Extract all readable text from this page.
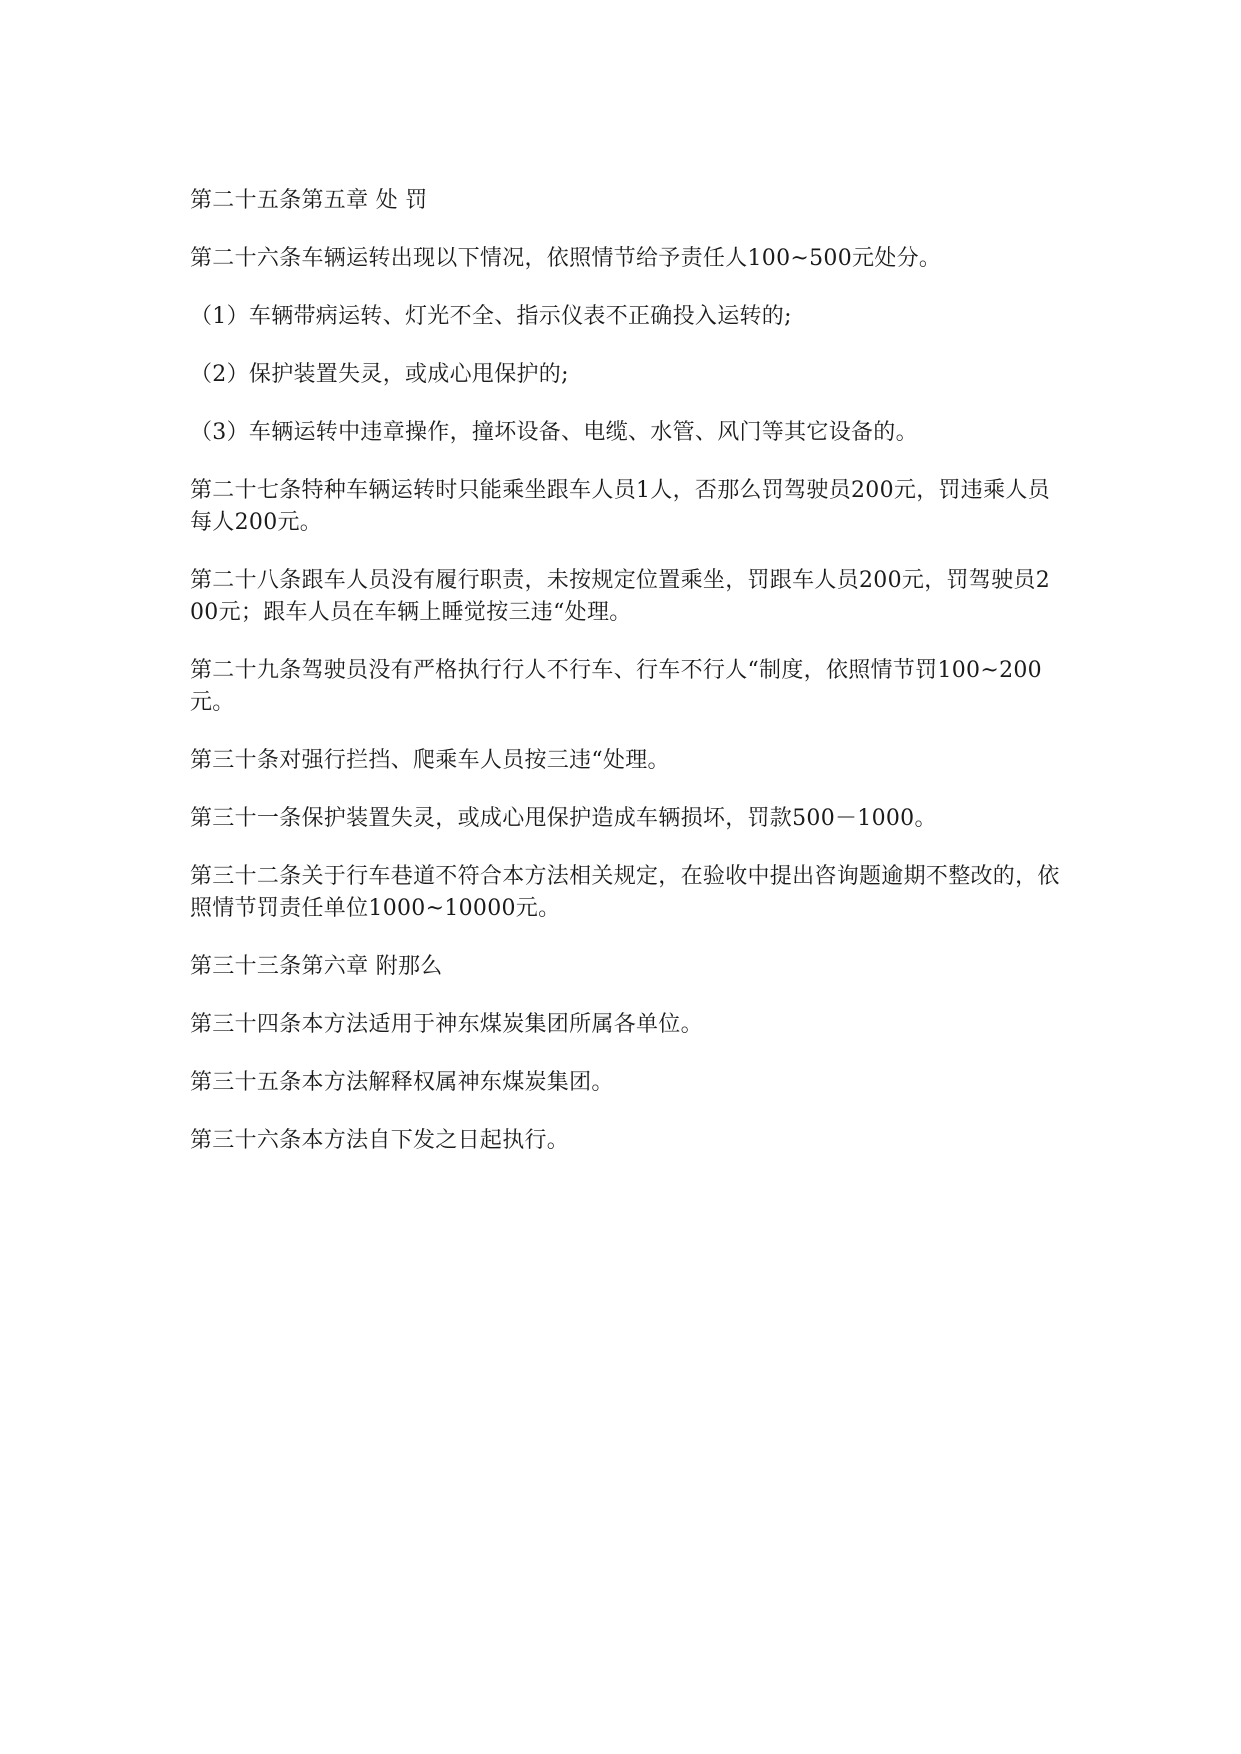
第二十五条第五章 处 罚

第二十六条车辆运转出现以下情况，依照情节给予责任人100~500元处分。

（1）车辆带病运转、灯光不全、指示仪表不正确投入运转的;

（2）保护装置失灵，或成心甩保护的;

（3）车辆运转中违章操作，撞坏设备、电缆、水管、风门等其它设备的。

第二十七条特种车辆运转时只能乘坐跟车人员1人，否那么罚驾驶员200元，罚违乘人员每人200元。

第二十八条跟车人员没有履行职责，未按规定位置乘坐，罚跟车人员200元，罚驾驶员200元；跟车人员在车辆上睡觉按三违“处理。

第二十九条驾驶员没有严格执行行人不行车、行车不行人“制度，依照情节罚100~200元。

第三十条对强行拦挡、爬乘车人员按三违“处理。

第三十一条保护装置失灵，或成心甩保护造成车辆损坏，罚款500－1000。

第三十二条关于行车巷道不符合本方法相关规定，在验收中提出咨询题逾期不整改的，依照情节罚责任单位1000~10000元。

第三十三条第六章 附那么

第三十四条本方法适用于神东煤炭集团所属各单位。

第三十五条本方法解释权属神东煤炭集团。

第三十六条本方法自下发之日起执行。
